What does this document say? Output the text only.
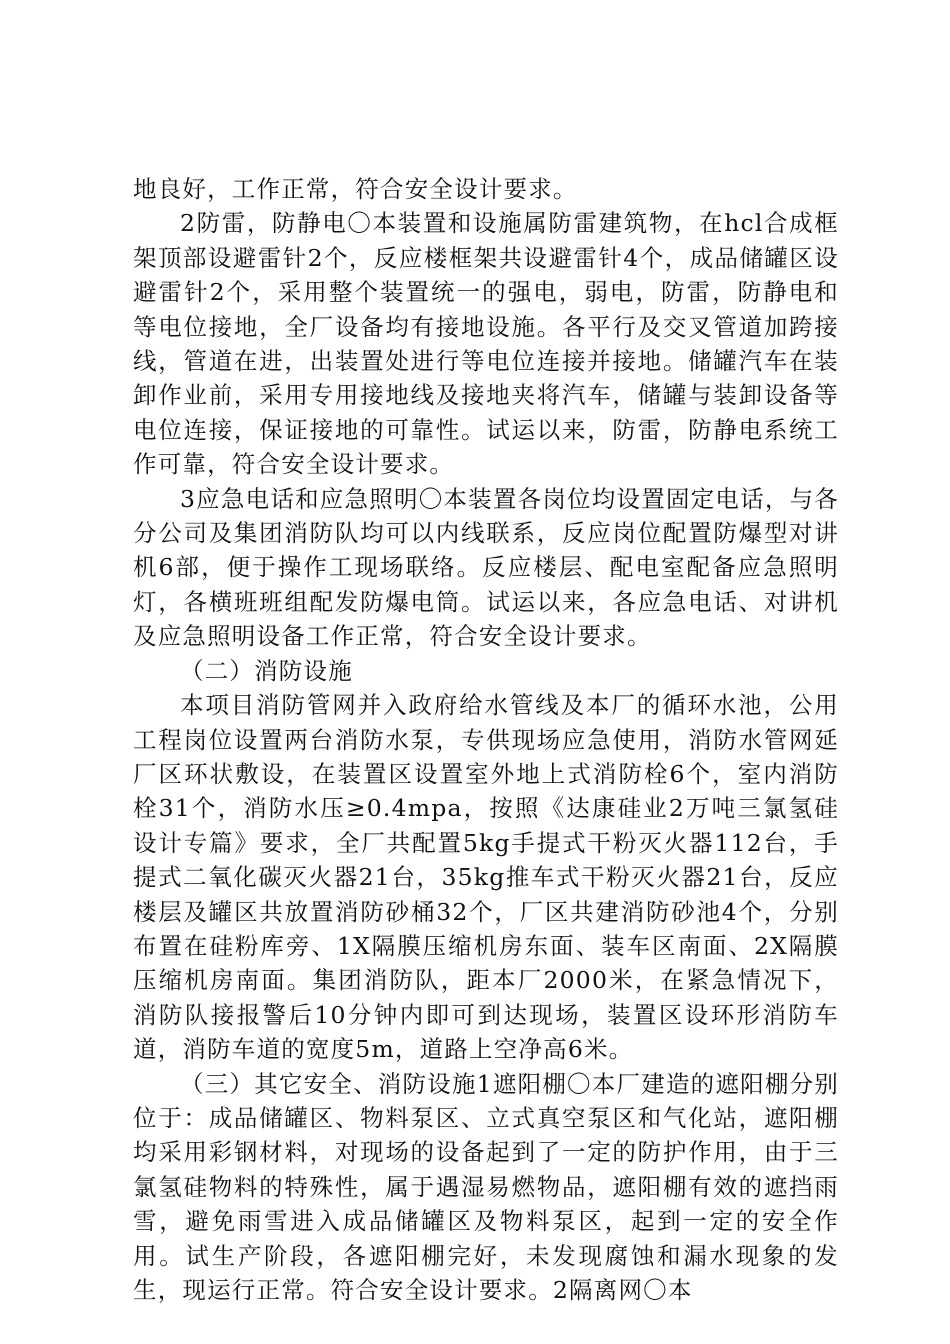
地良好，工作正常，符合安全设计要求。

2防雷，防静电〇本装置和设施属防雷建筑物，在hcl合成框架顶部设避雷针2个，反应楼框架共设避雷针4个，成品储罐区设避雷针2个，采用整个装置统一的强电，弱电，防雷，防静电和等电位接地，全厂设备均有接地设施。各平行及交叉管道加跨接线，管道在进，出装置处进行等电位连接并接地。储罐汽车在装卸作业前，采用专用接地线及接地夹将汽车，储罐与装卸设备等电位连接，保证接地的可靠性。试运以来，防雷，防静电系统工作可靠，符合安全设计要求。

3应急电话和应急照明〇本装置各岗位均设置固定电话，与各分公司及集团消防队均可以内线联系，反应岗位配置防爆型对讲机6部，便于操作工现场联络。反应楼层、配电室配备应急照明灯，各横班班组配发防爆电筒。试运以来，各应急电话、对讲机及应急照明设备工作正常，符合安全设计要求。

（二）消防设施

本项目消防管网并入政府给水管线及本厂的循环水池，公用工程岗位设置两台消防水泵，专供现场应急使用，消防水管网延厂区环状敷设，在装置区设置室外地上式消防栓6个，室内消防栓31个，消防水压≥0.4mpa，按照《达康硅业2万吨三氯氢硅设计专篇》要求，全厂共配置5kg手提式干粉灭火器112台，手提式二氧化碳灭火器21台，35kg推车式干粉灭火器21台，反应楼层及罐区共放置消防砂桶32个，厂区共建消防砂池4个，分别布置在硅粉库旁、1X隔膜压缩机房东面、装车区南面、2X隔膜压缩机房南面。集团消防队，距本厂2000米，在紧急情况下，消防队接报警后10分钟内即可到达现场，装置区设环形消防车道，消防车道的宽度5m，道路上空净高6米。

（三）其它安全、消防设施1遮阳棚〇本厂建造的遮阳棚分别位于：成品储罐区、物料泵区、立式真空泵区和气化站，遮阳棚均采用彩钢材料，对现场的设备起到了一定的防护作用，由于三氯氢硅物料的特殊性，属于遇湿易燃物品，遮阳棚有效的遮挡雨雪，避免雨雪进入成品储罐区及物料泵区，起到一定的安全作用。试生产阶段，各遮阳棚完好，未发现腐蚀和漏水现象的发生，现运行正常。符合安全设计要求。2隔离网〇本
